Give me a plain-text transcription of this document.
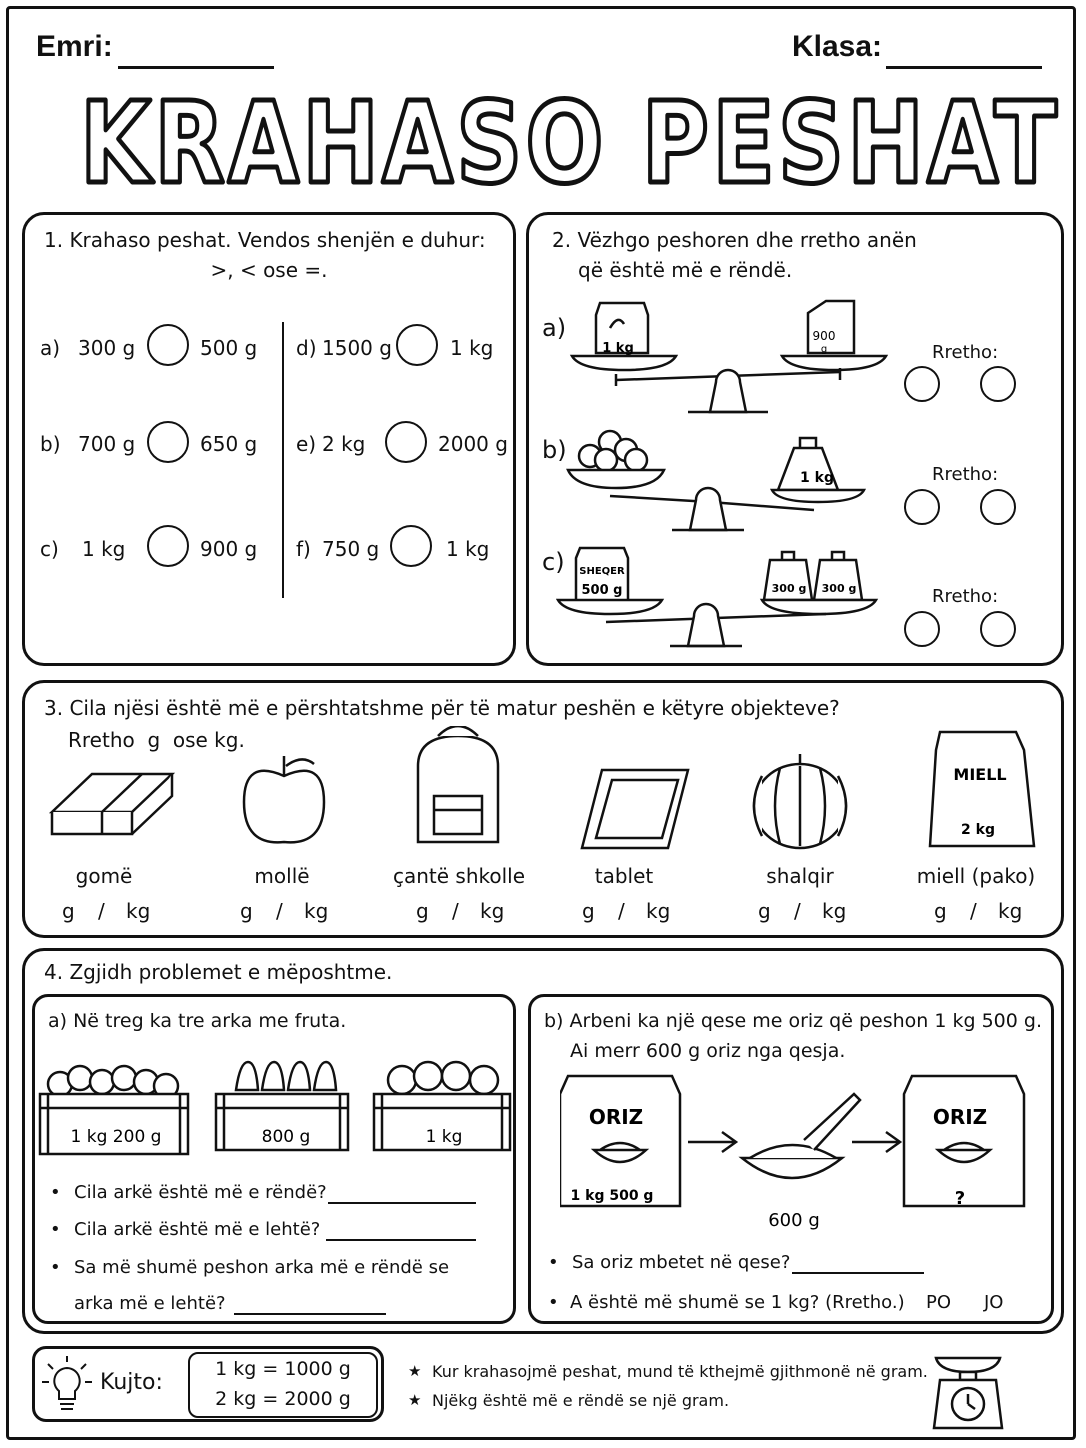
Emri:	Klasa:
KRAHASO PESHAT
1. Krahaso peshat. Vendos shenjën e duhur:
>, < ose =.
a) 300 g	500 g
b) 700 g	650 g
c) 1 kg	900 g
d) 1500 g	1 kg
e) 2 kg	2000 g
f) 750 g	1 kg
2. Vëzhgo peshoren dhe rretho anën
që është më e rëndë.
a)
1 kg
900
g	Rretho:
b)
1 kg	Rretho:
c) SHEQER
500 g	300 g 300 g	Rretho:
3. Cila njësi është më e përshtatshme për të matur peshën e këtyre objekteve?
Rretho  g  ose kg.
MIELL
2 kg
gomë	mollë	çantë shkolle	tablet	shalqir	miell (pako)
g / kg	g / kg	g / kg	g / kg	g / kg	g / kg
4. Zgjidh problemet e mëposhtme.
a) Në treg ka tre arka me fruta.
1 kg 200 g	800 g	1 kg
• Cila arkë është më e rëndë?
• Cila arkë është më e lehtë?
• Sa më shumë peshon arka më e rëndë se
arka më e lehtë?
b) Arbeni ka një qese me oriz që peshon 1 kg 500 g.
Ai merr 600 g oriz nga qesja.
ORIZ
1 kg 500 g
600 g
ORIZ
?
• Sa oriz mbetet në qese?
• A është më shumë se 1 kg? (Rretho.) PO JO
Kujto:
1 kg = 1000 g
2 kg = 2000 g
★ Kur krahasojmë peshat, mund të kthejmë gjithmonë në gram.
★ Njëkg është më e rëndë se një gram.
